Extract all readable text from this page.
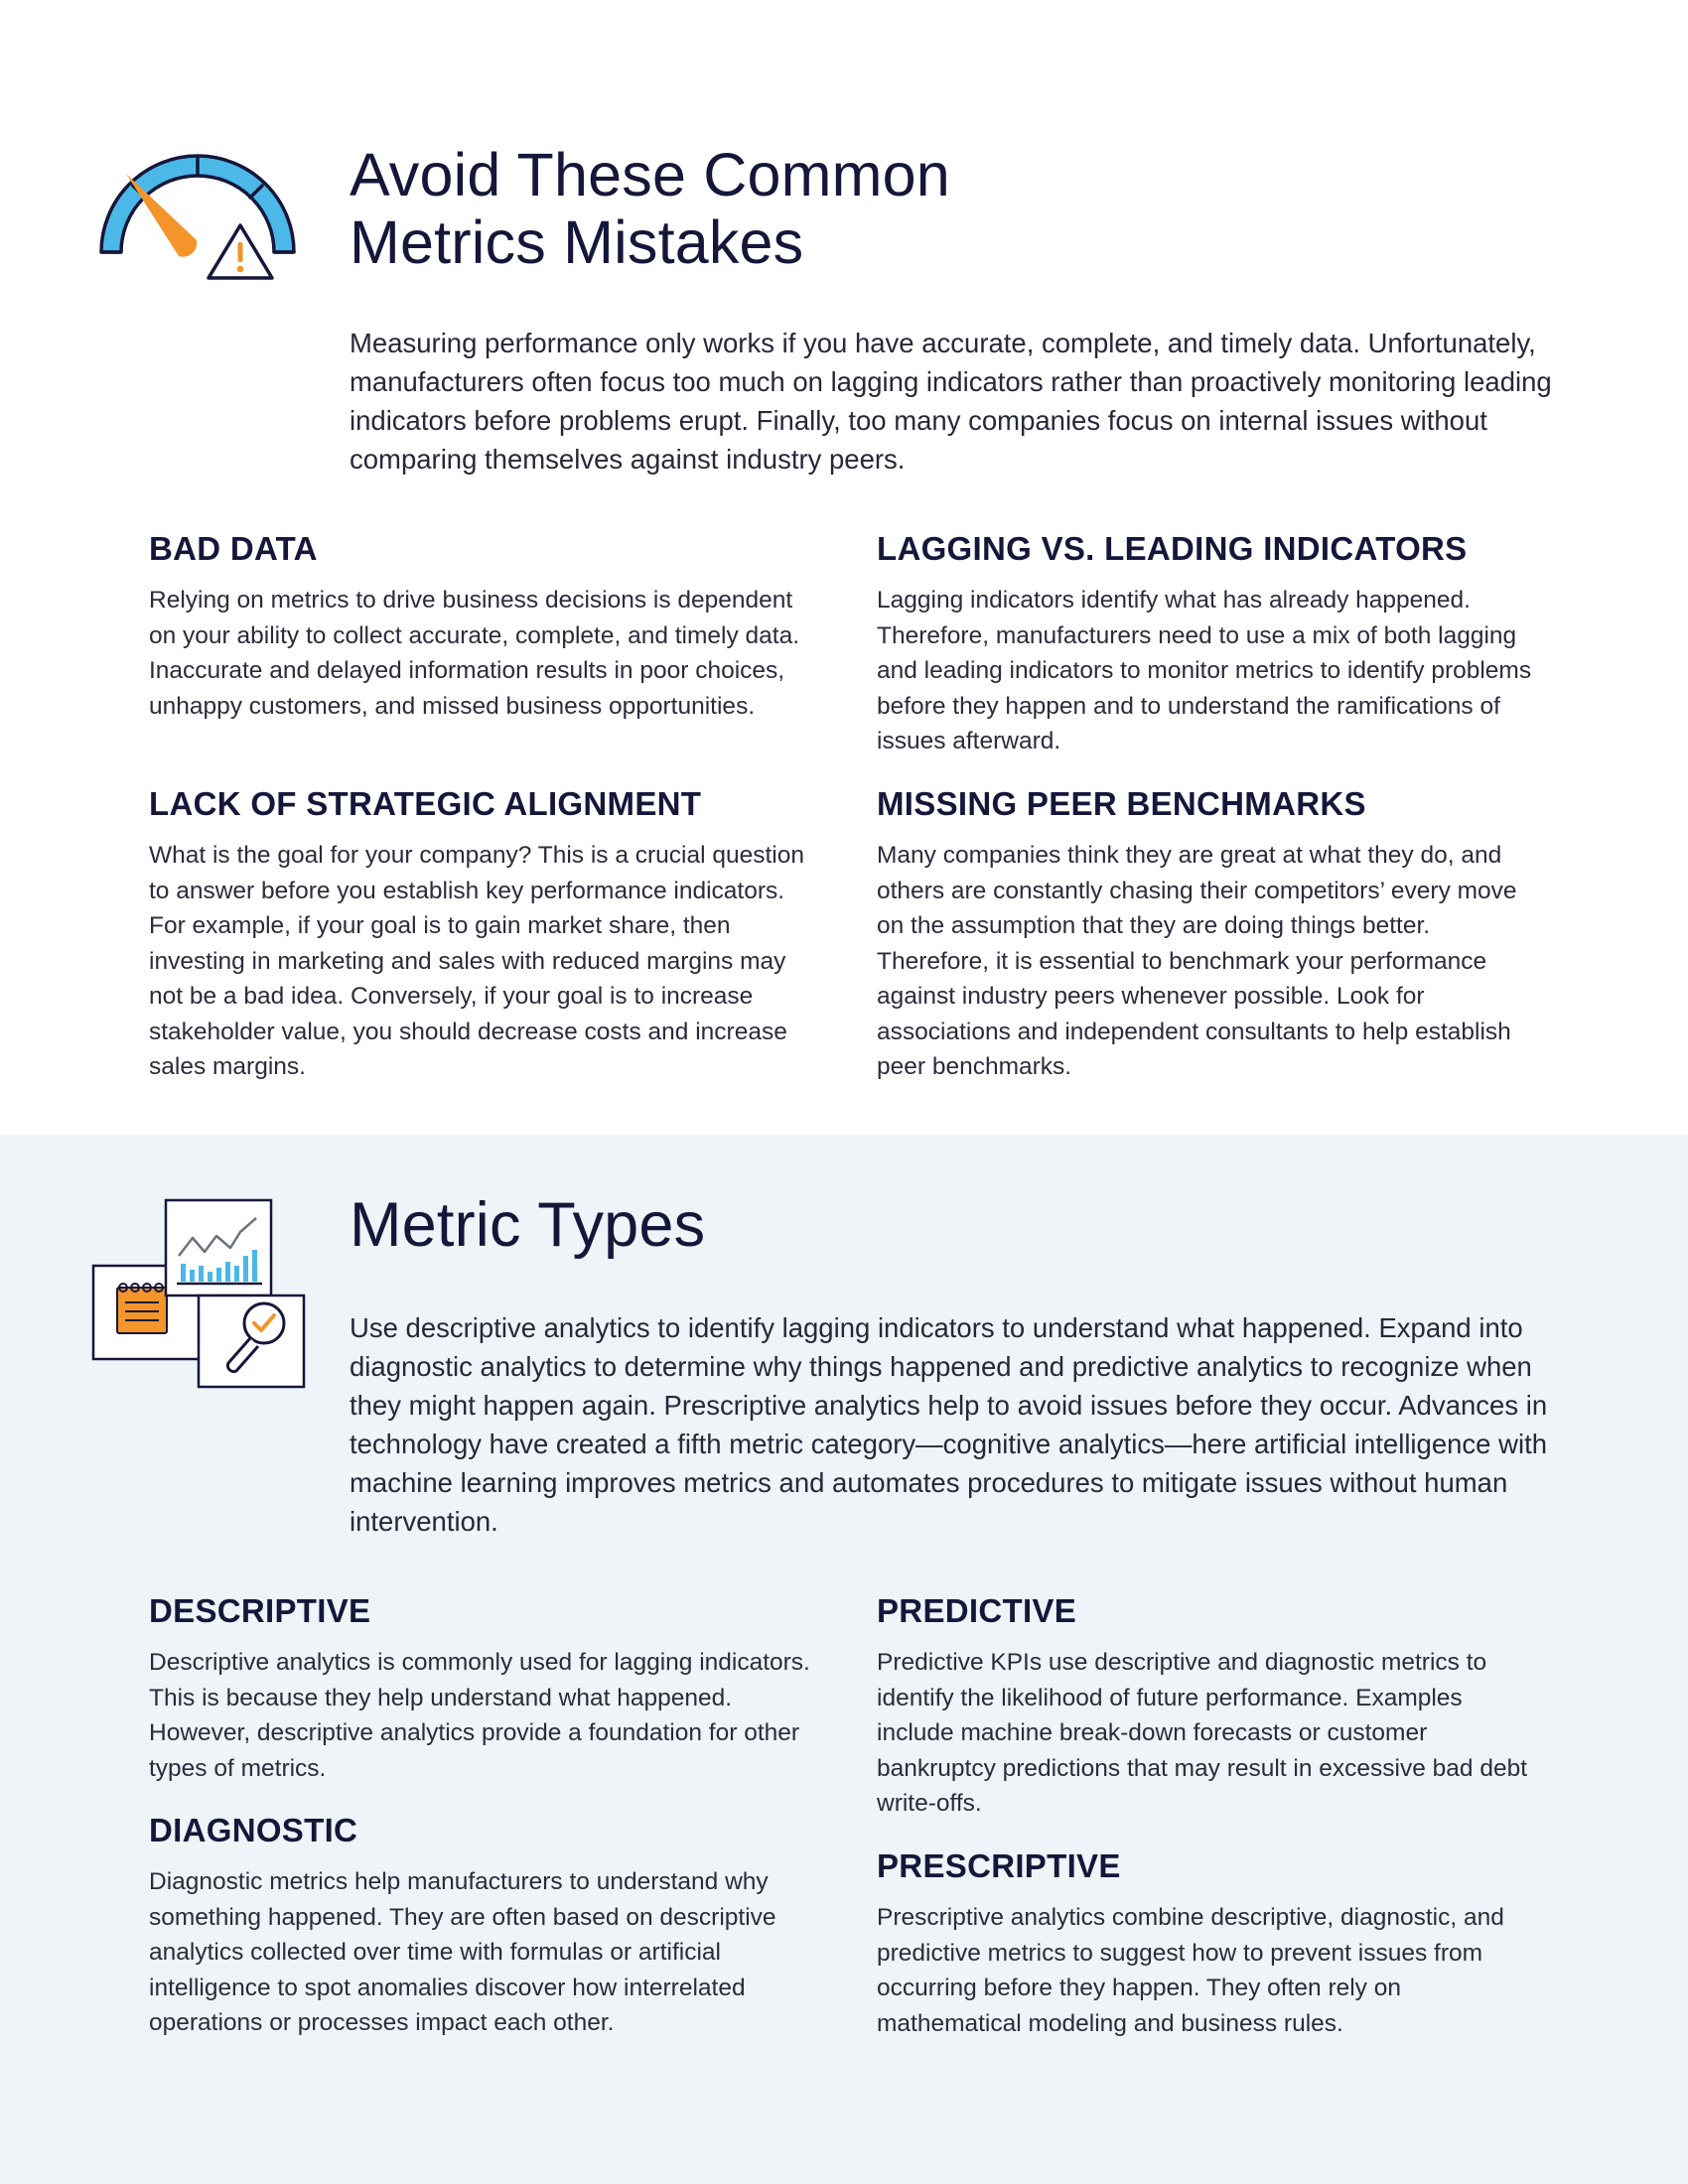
Avoid These Common
Metrics Mistakes

Measuring performance only works if you have accurate, complete, and timely data. Unfortunately, manufacturers often focus too much on lagging indicators rather than proactively monitoring leading indicators before problems erupt. Finally, too many companies focus on internal issues without comparing themselves against industry peers.

BAD DATA

Relying on metrics to drive business decisions is dependent on your ability to collect accurate, complete, and timely data. Inaccurate and delayed information results in poor choices, unhappy customers, and missed business opportunities.

LAGGING VS. LEADING INDICATORS

Lagging indicators identify what has already happened. Therefore, manufacturers need to use a mix of both lagging and leading indicators to monitor metrics to identify problems before they happen and to understand the ramifications of issues afterward.

LACK OF STRATEGIC ALIGNMENT

What is the goal for your company? This is a crucial question to answer before you establish key performance indicators. For example, if your goal is to gain market share, then investing in marketing and sales with reduced margins may not be a bad idea. Conversely, if your goal is to increase stakeholder value, you should decrease costs and increase sales margins.

MISSING PEER BENCHMARKS

Many companies think they are great at what they do, and others are constantly chasing their competitors’ every move on the assumption that they are doing things better. Therefore, it is essential to benchmark your performance against industry peers whenever possible. Look for associations and independent consultants to help establish peer benchmarks.

Metric Types

Use descriptive analytics to identify lagging indicators to understand what happened. Expand into diagnostic analytics to determine why things happened and predictive analytics to recognize when they might happen again. Prescriptive analytics help to avoid issues before they occur. Advances in technology have created a fifth metric category—cognitive analytics—here artificial intelligence with machine learning improves metrics and automates procedures to mitigate issues without human intervention.

DESCRIPTIVE

Descriptive analytics is commonly used for lagging indicators. This is because they help understand what happened. However, descriptive analytics provide a foundation for other types of metrics.

PREDICTIVE

Predictive KPIs use descriptive and diagnostic metrics to identify the likelihood of future performance. Examples include machine break-down forecasts or customer bankruptcy predictions that may result in excessive bad debt write-offs.

DIAGNOSTIC

Diagnostic metrics help manufacturers to understand why something happened. They are often based on descriptive analytics collected over time with formulas or artificial intelligence to spot anomalies discover how interrelated operations or processes impact each other.

PRESCRIPTIVE

Prescriptive analytics combine descriptive, diagnostic, and predictive metrics to suggest how to prevent issues from occurring before they happen. They often rely on mathematical modeling and business rules.
